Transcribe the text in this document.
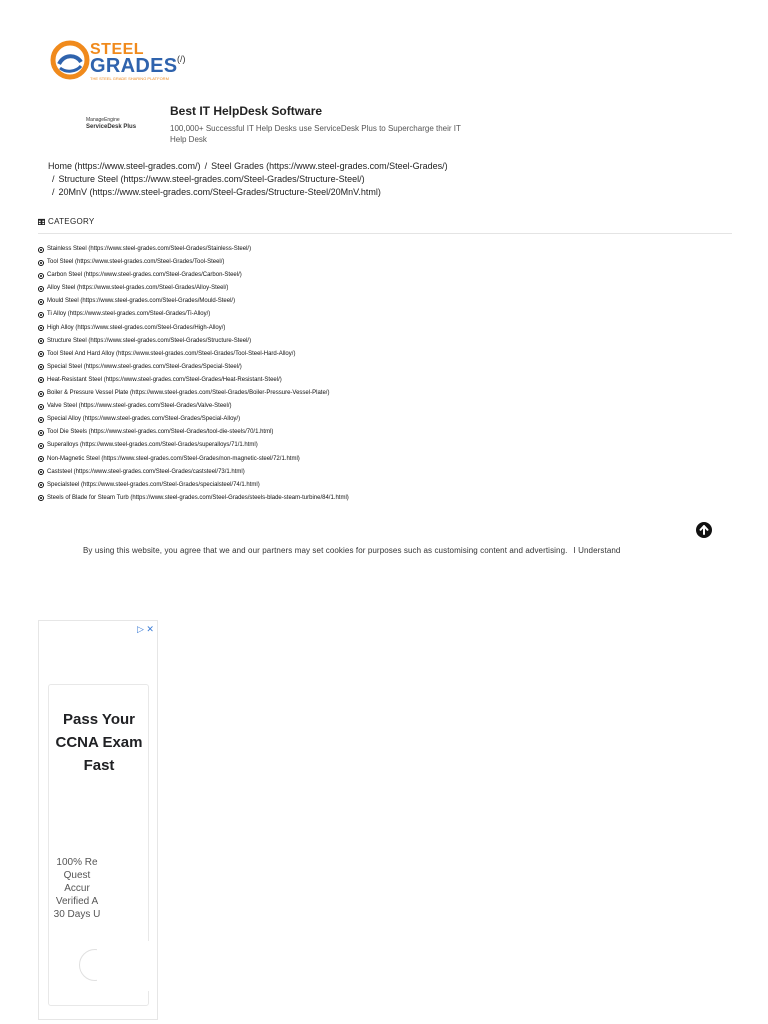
STEEL
GRADES
THE STEEL GRADE SHARING PLATFORM
(/)
ManageEngine
ServiceDesk Plus
Best IT HelpDesk Software
100,000+ Successful IT Help Desks use ServiceDesk Plus to Supercharge their IT Help Desk
Home (https://www.steel-grades.com/) / Steel Grades (https://www.steel-grades.com/Steel-Grades/)
/ Structure Steel (https://www.steel-grades.com/Steel-Grades/Structure-Steel/)
/ 20MnV (https://www.steel-grades.com/Steel-Grades/Structure-Steel/20MnV.html)
CATEGORY
Stainless Steel (https://www.steel-grades.com/Steel-Grades/Stainless-Steel/)
Tool Steel (https://www.steel-grades.com/Steel-Grades/Tool-Steel/)
Carbon Steel (https://www.steel-grades.com/Steel-Grades/Carbon-Steel/)
Alloy Steel (https://www.steel-grades.com/Steel-Grades/Alloy-Steel/)
Mould Steel (https://www.steel-grades.com/Steel-Grades/Mould-Steel/)
Ti Alloy (https://www.steel-grades.com/Steel-Grades/Ti-Alloy/)
High Alloy (https://www.steel-grades.com/Steel-Grades/High-Alloy/)
Structure Steel (https://www.steel-grades.com/Steel-Grades/Structure-Steel/)
Tool Steel And Hard Alloy (https://www.steel-grades.com/Steel-Grades/Tool-Steel-Hard-Alloy/)
Special Steel (https://www.steel-grades.com/Steel-Grades/Special-Steel/)
Heat-Resistant Steel (https://www.steel-grades.com/Steel-Grades/Heat-Resistant-Steel/)
Boiler & Pressure Vessel Plate (https://www.steel-grades.com/Steel-Grades/Boiler-Pressure-Vessel-Plate/)
Valve Steel (https://www.steel-grades.com/Steel-Grades/Valve-Steel/)
Special Alloy (https://www.steel-grades.com/Steel-Grades/Special-Alloy/)
Tool Die Steels (https://www.steel-grades.com/Steel-Grades/tool-die-steels/70/1.html)
Superalloys (https://www.steel-grades.com/Steel-Grades/superalloys/71/1.html)
Non-Magnetic Steel (https://www.steel-grades.com/Steel-Grades/non-magnetic-steel/72/1.html)
Caststeel (https://www.steel-grades.com/Steel-Grades/caststeel/73/1.html)
Specialsteel (https://www.steel-grades.com/Steel-Grades/specialsteel/74/1.html)
Steels of Blade for Steam Turb (https://www.steel-grades.com/Steel-Grades/steels-blade-steam-turbine/84/1.html)
By using this website, you agree that we and our partners may set cookies for purposes such as customising content and advertising. I Understand
▷ ✕
Pass Your CCNA Exam Fast
100% Re
Quest
Accur
Verified A
30 Days U
